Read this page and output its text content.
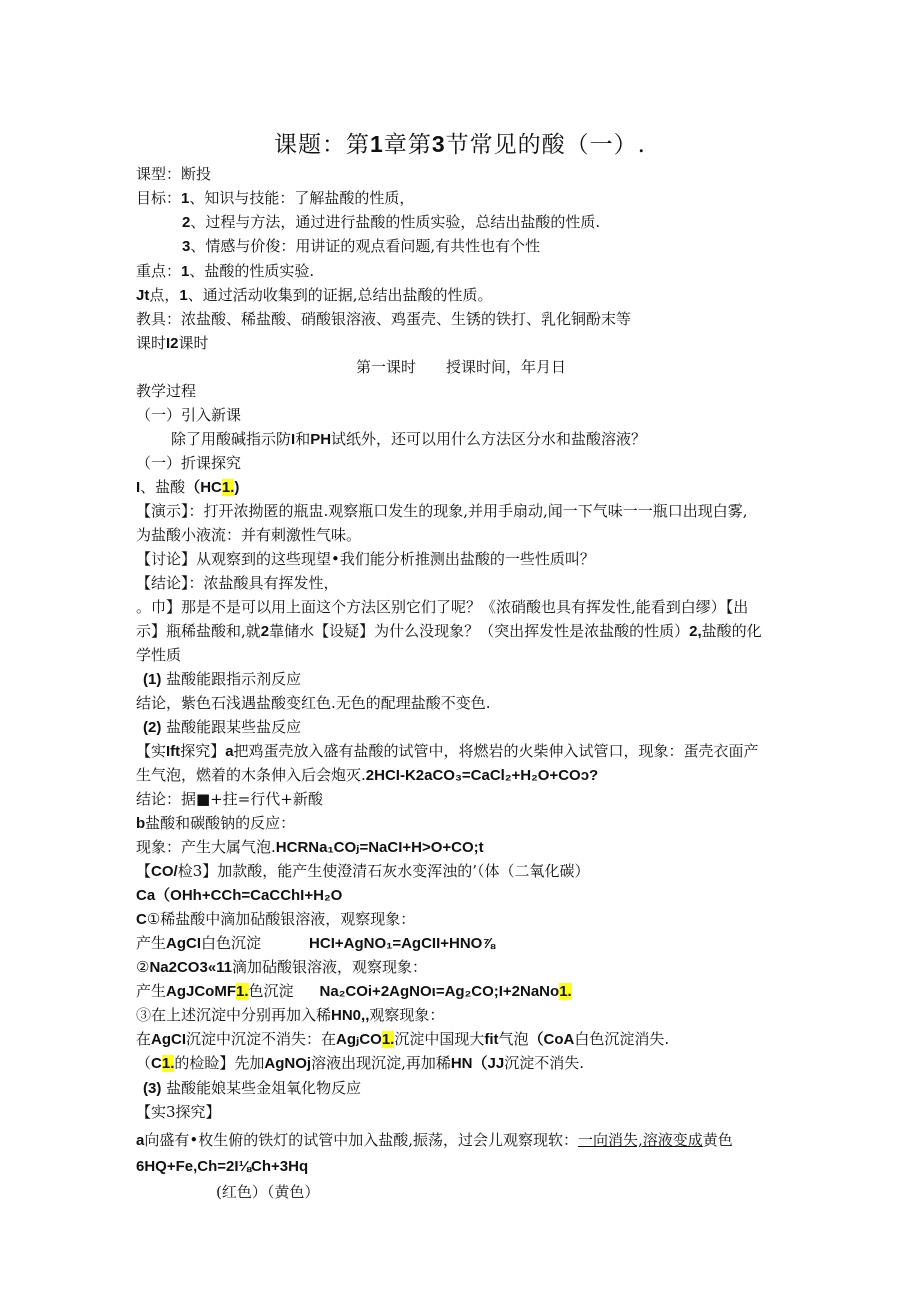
课题：第1章第3节常见的酸（一）.
课型：断投
目标：1、知识与技能：了解盐酸的性质，
2、过程与方法，通过进行盐酸的性质实验，总结出盐酸的性质.
3、情感与价俊：用讲证的观点看问题,有共性也有个性
重点：1、盐酸的性质实验.
Jt点，1、通过活动收集到的证据,总结出盐酸的性质。
教具：浓盐酸、稀盐酸、硝酸银溶液、鸡蛋壳、生锈的铁打、乳化铜酚末等
课时I2课时
第一课时　　授课时间，年月日
教学过程
（一）引入新课
除了用酸碱指示防I和PH试纸外，还可以用什么方法区分水和盐酸溶液？
（一）折课探究
I、盐酸（HC1.)
【演示】：打开浓拗匿的瓶盅.观察瓶口发生的现象,并用手扇动,闻一下气味一一瓶口出现白雾,
为盐酸小液流：并有刺激性气味。
【讨论】从观察到的这些现望•我们能分析推测出盐酸的一些性质叫？
【结论】：浓盐酸具有挥发性，
。巾】那是不是可以用上面这个方法区别它们了呢？《浓硝酸也具有挥发性,能看到白缪）【出
示】瓶稀盐酸和,就2靠储水【设疑】为什么没现象？（突出挥发性是浓盐酸的性质）2,盐酸的化
学性质
(1) 盐酸能跟指示剂反应
结论，紫色石浅遇盐酸变红色.无色的配理盐酸不变色.
(2) 盐酸能跟某些盐反应
【实Ift探究】a把鸡蛋壳放入盛有盐酸的试管中，将燃岩的火柴伸入试管口，现象：蛋壳衣面产
生气泡，燃着的木条伸入后会炮灭.2HCI-K2aCO₃=CaCl₂+H₂O+COↄ?
结论：据■+拄=行代+新酸
b盐酸和碳酸钠的反应：
现象：产生大属气泡.HCRNa₁COⱼ=NaCI+H>O+CO;t
【CO/检3】加款酸，能产生使澄清石灰水变浑浊的’（体（二氧化碳）
Ca（OHh+CCh=CaCChI+H₂O
C①稀盐酸中滴加砧酸银溶液，观察现象：
产生AgCI白色沉淀	HCI+AgNO₁=AgCII+HNO⅞
②Na2CO3«11滴加砧酸银溶液，观察现象：
产生AgJCoMF1.色沉淀 Na₂COi+2AgNOι=Ag₂CO;I+2NaNo1.
③在上述沉淀中分别再加入稀HN0,,观察现象：
在AgCI沉淀中沉淀不消失：在AgⱼCO1.沉淀中国现大fit气泡（CoA白色沉淀消失.
（C1.的检睑】先加AgNOj溶液出现沉淀,再加稀HN（JJ沉淀不消失.
(3) 盐酸能娘某些金俎氧化物反应
【实3探究】
a向盛有•枚生俯的铁灯的试管中加入盐酸,振荡，过会儿观察现软：一向消失,溶液变成黄色
6HQ+Fe,Ch=2I⅛Ch+3Hq
(红色）（黄色）
